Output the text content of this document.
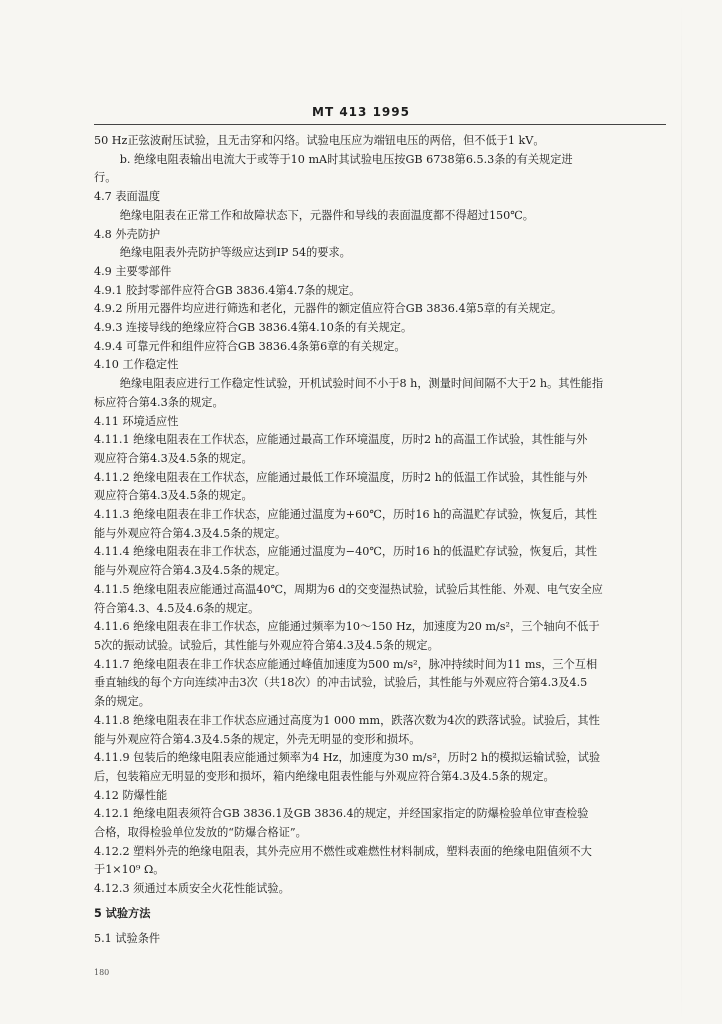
MT 413 1995

50 Hz正弦波耐压试验，且无击穿和闪络。试验电压应为端钮电压的两倍，但不低于1 kV。

b. 绝缘电阻表输出电流大于或等于10 mA时其试验电压按GB 6738第6.5.3条的有关规定进

行。

4.7 表面温度

绝缘电阻表在正常工作和故障状态下，元器件和导线的表面温度都不得超过150℃。

4.8 外壳防护

绝缘电阻表外壳防护等级应达到IP 54的要求。

4.9 主要零部件

4.9.1 胶封零部件应符合GB 3836.4第4.7条的规定。

4.9.2 所用元器件均应进行筛选和老化，元器件的额定值应符合GB 3836.4第5章的有关规定。

4.9.3 连接导线的绝缘应符合GB 3836.4第4.10条的有关规定。

4.9.4 可靠元件和组件应符合GB 3836.4条第6章的有关规定。

4.10 工作稳定性

绝缘电阻表应进行工作稳定性试验，开机试验时间不小于8 h，测量时间间隔不大于2 h。其性能指

标应符合第4.3条的规定。

4.11 环境适应性

4.11.1 绝缘电阻表在工作状态，应能通过最高工作环境温度，历时2 h的高温工作试验，其性能与外

观应符合第4.3及4.5条的规定。

4.11.2 绝缘电阻表在工作状态，应能通过最低工作环境温度，历时2 h的低温工作试验，其性能与外

观应符合第4.3及4.5条的规定。

4.11.3 绝缘电阻表在非工作状态，应能通过温度为+60℃，历时16 h的高温贮存试验，恢复后，其性

能与外观应符合第4.3及4.5条的规定。

4.11.4 绝缘电阻表在非工作状态，应能通过温度为−40℃，历时16 h的低温贮存试验，恢复后，其性

能与外观应符合第4.3及4.5条的规定。

4.11.5 绝缘电阻表应能通过高温40℃，周期为6 d的交变湿热试验，试验后其性能、外观、电气安全应

符合第4.3、4.5及4.6条的规定。

4.11.6 绝缘电阻表在非工作状态，应能通过频率为10～150 Hz，加速度为20 m/s²，三个轴向不低于

5次的振动试验。试验后，其性能与外观应符合第4.3及4.5条的规定。

4.11.7 绝缘电阻表在非工作状态应能通过峰值加速度为500 m/s²，脉冲持续时间为11 ms，三个互相

垂直轴线的每个方向连续冲击3次（共18次）的冲击试验，试验后，其性能与外观应符合第4.3及4.5

条的规定。

4.11.8 绝缘电阻表在非工作状态应通过高度为1 000 mm，跌落次数为4次的跌落试验。试验后，其性

能与外观应符合第4.3及4.5条的规定，外壳无明显的变形和损坏。

4.11.9 包装后的绝缘电阻表应能通过频率为4 Hz，加速度为30 m/s²，历时2 h的模拟运输试验，试验

后，包装箱应无明显的变形和损坏，箱内绝缘电阻表性能与外观应符合第4.3及4.5条的规定。

4.12 防爆性能

4.12.1 绝缘电阻表须符合GB 3836.1及GB 3836.4的规定，并经国家指定的防爆检验单位审查检验

合格，取得检验单位发放的“防爆合格证”。

4.12.2 塑料外壳的绝缘电阻表，其外壳应用不燃性或难燃性材料制成，塑料表面的绝缘电阻值须不大

于1×10⁹ Ω。

4.12.3 须通过本质安全火花性能试验。

5 试验方法

5.1 试验条件

180
